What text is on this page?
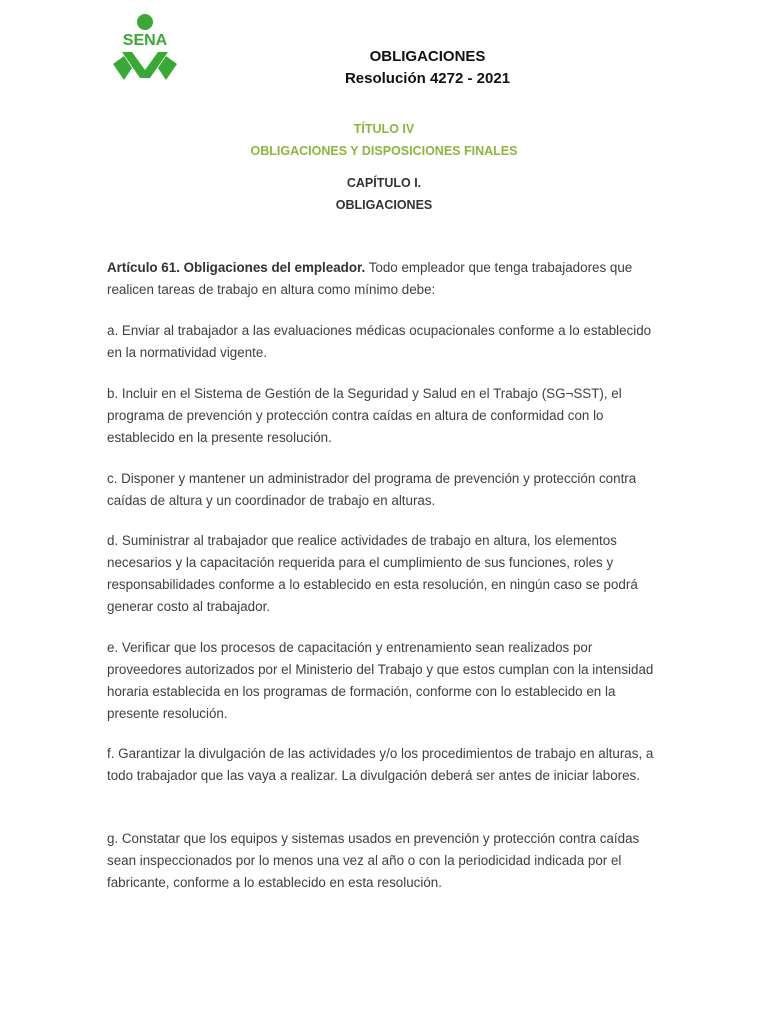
SENA
OBLIGACIONES
Resolución 4272 - 2021
TÍTULO IV
OBLIGACIONES Y DISPOSICIONES FINALES
CAPÍTULO I.
OBLIGACIONES

Artículo 61. Obligaciones del empleador. Todo empleador que tenga trabajadores que realicen tareas de trabajo en altura como mínimo debe:

a. Enviar al trabajador a las evaluaciones médicas ocupacionales conforme a lo establecido en la normatividad vigente.

b. Incluir en el Sistema de Gestión de la Seguridad y Salud en el Trabajo (SG¬SST), el programa de prevención y protección contra caídas en altura de conformidad con lo establecido en la presente resolución.

c. Disponer y mantener un administrador del programa de prevención y protección contra caídas de altura y un coordinador de trabajo en alturas.

d. Suministrar al trabajador que realice actividades de trabajo en altura, los elementos necesarios y la capacitación requerida para el cumplimiento de sus funciones, roles y responsabilidades conforme a lo establecido en esta resolución, en ningún caso se podrá generar costo al trabajador.

e. Verificar que los procesos de capacitación y entrenamiento sean realizados por proveedores autorizados por el Ministerio del Trabajo y que estos cumplan con la intensidad horaria establecida en los programas de formación, conforme con lo establecido en la presente resolución.

f. Garantizar la divulgación de las actividades y/o los procedimientos de trabajo en alturas, a todo trabajador que las vaya a realizar. La divulgación deberá ser antes de iniciar labores.

g. Constatar que los equipos y sistemas usados en prevención y protección contra caídas sean inspeccionados por lo menos una vez al año o con la periodicidad indicada por el fabricante, conforme a lo establecido en esta resolución.
